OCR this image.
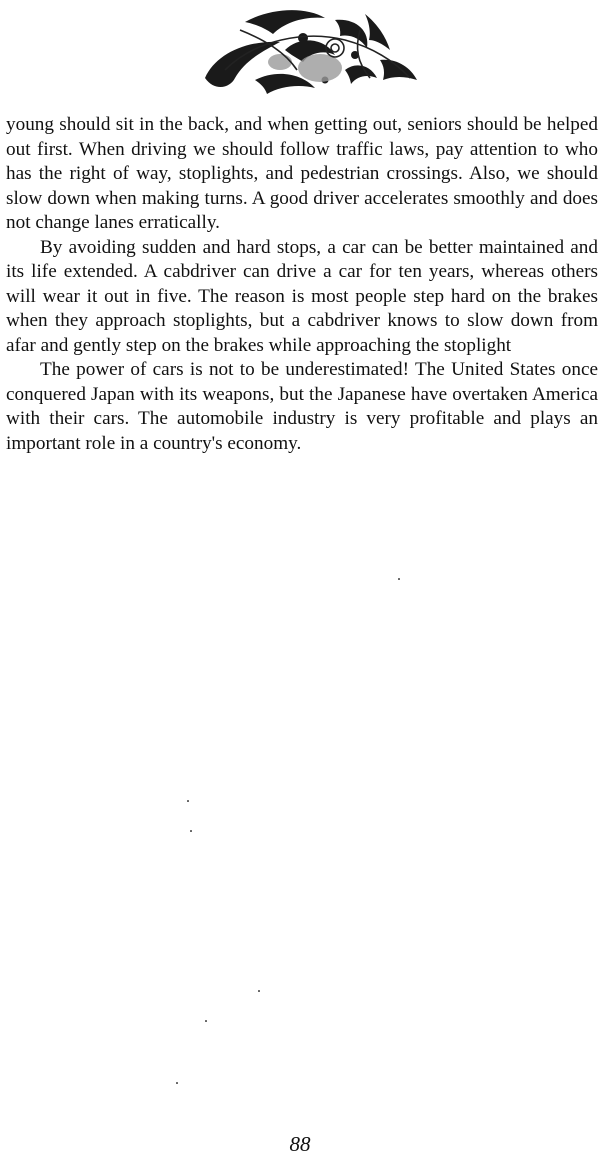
young should sit in the back, and when getting out, seniors should be helped out first. When driving we should follow traffic laws, pay attention to who has the right of way, stoplights, and pedestrian crossings. Also, we should slow down when making turns. A good driver accelerates smoothly and does not change lanes erratically.

By avoiding sudden and hard stops, a car can be better maintained and its life extended. A cabdriver can drive a car for ten years, whereas others will wear it out in five. The reason is most people step hard on the brakes when they approach stoplights, but a cabdriver knows to slow down from afar and gently step on the brakes while approaching the stoplight

The power of cars is not to be underestimated! The United States once conquered Japan with its weapons, but the Japanese have overtaken America with their cars. The automobile industry is very profitable and plays an important role in a country's economy.

88
